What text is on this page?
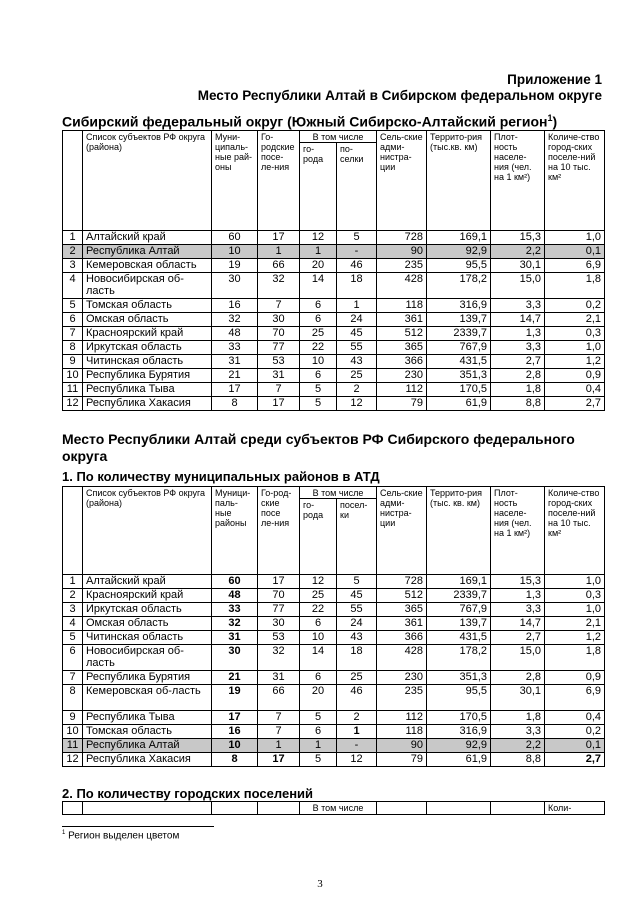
Приложение 1
Место Республики Алтай в Сибирском федеральном округе
Сибирский федеральный округ (Южный Сибирско-Алтайский регион$^1$)
	Список субъектов РФ округа (района)	Муни-ципаль-ные рай-оны	Го-родские посе-ле-ния	В том числе		Сель-ские адми-нистра-ции	Террито-рия (тыс.кв. км)	Плот-ность населе-ния (чел. на 1 км²)	Количе-ство город-ских поселе-ний на 10 тыс. км²
				го-рода	по-селки				
1	Алтайский край	60	17	12	5	728	169,1	15,3	1,0
2	Республика Алтай	10	1	1	-	90	92,9	2,2	0,1
3	Кемеровская область	19	66	20	46	235	95,5	30,1	6,9
4	Новосибирская об-ласть	30	32	14	18	428	178,2	15,0	1,8
5	Томская область	16	7	6	1	118	316,9	3,3	0,2
6	Омская область	32	30	6	24	361	139,7	14,7	2,1
7	Красноярский край	48	70	25	45	512	2339,7	1,3	0,3
8	Иркутская область	33	77	22	55	365	767,9	3,3	1,0
9	Читинская область	31	53	10	43	366	431,5	2,7	1,2
10	Республика Бурятия	21	31	6	25	230	351,3	2,8	0,9
11	Республика Тыва	17	7	5	2	112	170,5	1,8	0,4
12	Республика Хакасия	8	17	5	12	79	61,9	8,8	2,7
Место Республики Алтай среди субъектов РФ Сибирского федерального округа
1. По количеству муниципальных районов в АТД
	Список субъектов РФ округа (района)	Муници-паль-ные районы	Го-род-ские посе ле-ния	В том числе		Сель-ские адми-нистра-ции	Террито-рия (тыс. кв. км)	Плот-ность населе-ния (чел. на 1 км²)	Количе-ство город-ских поселе-ний на 10 тыс. км²
				го-рода	посел-ки				
1	Алтайский край	60	17	12	5	728	169,1	15,3	1,0
2	Красноярский край	48	70	25	45	512	2339,7	1,3	0,3
3	Иркутская область	33	77	22	55	365	767,9	3,3	1,0
4	Омская область	32	30	6	24	361	139,7	14,7	2,1
5	Читинская область	31	53	10	43	366	431,5	2,7	1,2
6	Новосибирская об-ласть	30	32	14	18	428	178,2	15,0	1,8
7	Республика Бурятия	21	31	6	25	230	351,3	2,8	0,9
8	Кемеровская об-ласть	19	66	20	46	235	95,5	30,1	6,9
9	Республика Тыва	17	7	5	2	112	170,5	1,8	0,4
10	Томская область	16	7	6	1	118	316,9	3,3	0,2
11	Республика Алтай	10	1	1	-	90	92,9	2,2	0,1
12	Республика Хакасия	8	17	5	12	79	61,9	8,8	2,7
2. По количеству городских поселений
				В том числе				Коли-
$^1$ Регион выделен цветом
3
